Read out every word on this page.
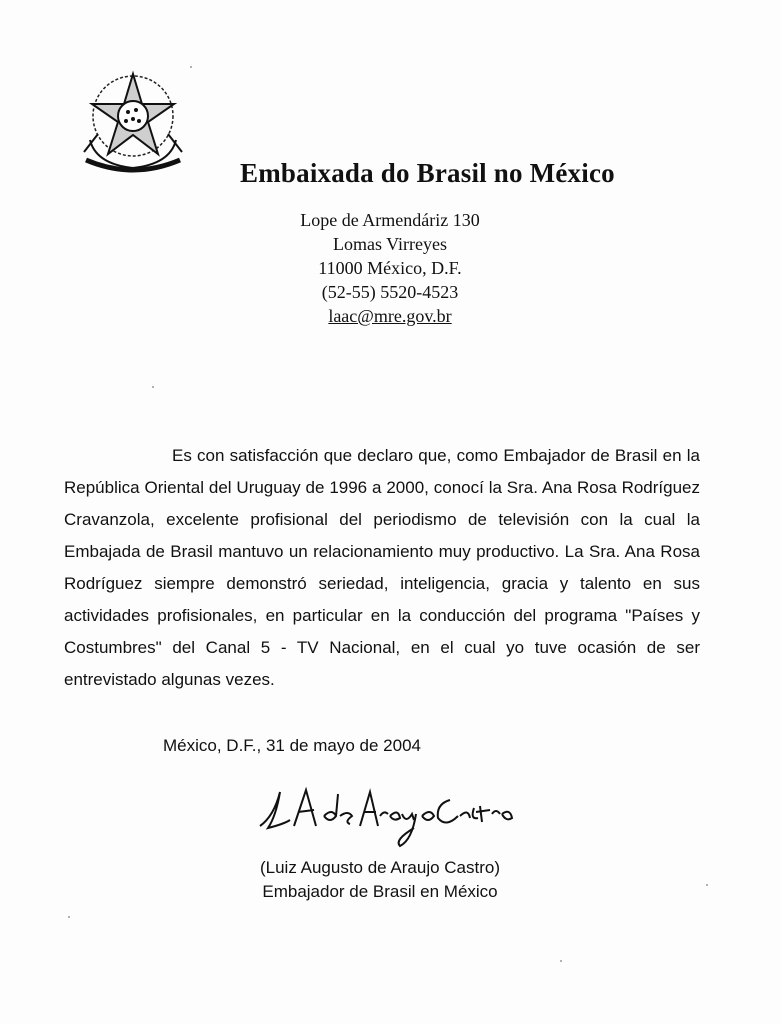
Embaixada do Brasil no México
Lope de Armendáriz 130
Lomas Virreyes
11000 México, D.F.
(52-55) 5520-4523
laac@mre.gov.br

Es con satisfacción que declaro que, como Embajador de Brasil en la República Oriental del Uruguay de 1996 a 2000, conocí la Sra. Ana Rosa Rodríguez Cravanzola, excelente profisional del periodismo de televisión con la cual la Embajada de Brasil mantuvo un relacionamiento muy productivo. La Sra. Ana Rosa Rodríguez siempre demonstró seriedad, inteligencia, gracia y talento en sus actividades profisionales, en particular en la conducción del programa "Países y Costumbres" del Canal 5 - TV Nacional, en el cual yo tuve ocasión de ser entrevistado algunas vezes.

México, D.F., 31 de mayo de 2004
(Luiz Augusto de Araujo Castro)
Embajador de Brasil en México
